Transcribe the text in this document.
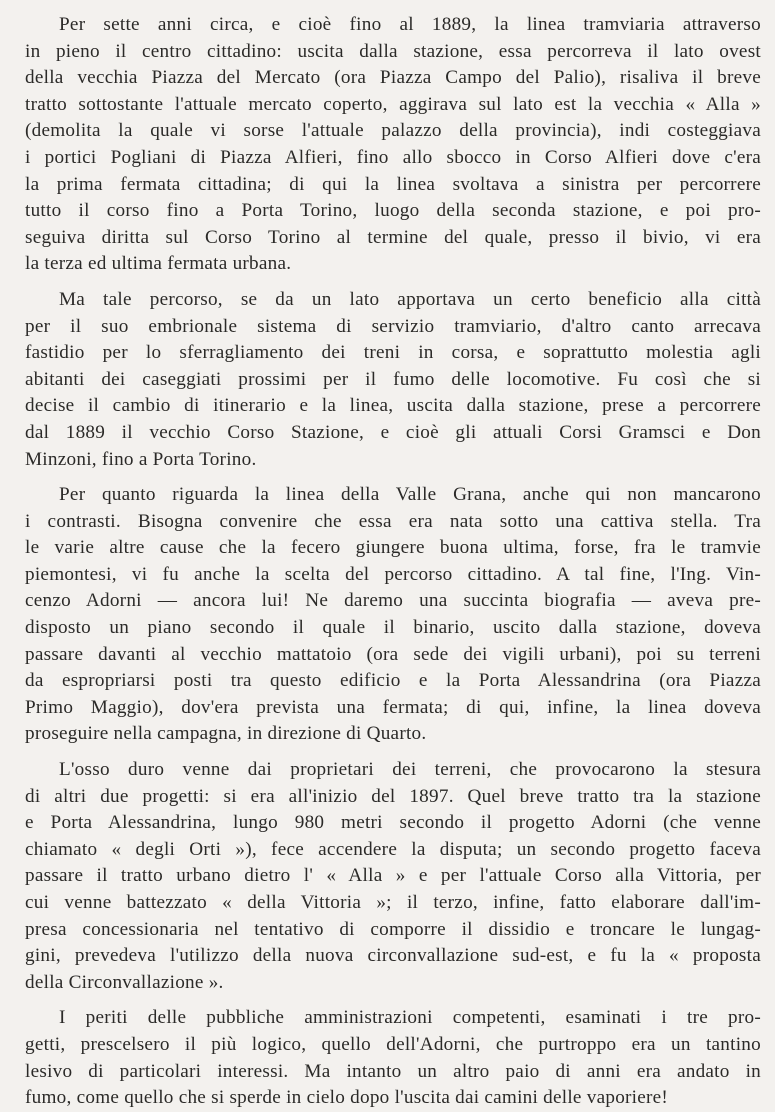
Per sette anni circa, e cioè fino al 1889, la linea tramviaria attraverso
in pieno il centro cittadino: uscita dalla stazione, essa percorreva il lato ovest
della vecchia Piazza del Mercato (ora Piazza Campo del Palio), risaliva il breve
tratto sottostante l'attuale mercato coperto, aggirava sul lato est la vecchia « Alla »
(demolita la quale vi sorse l'attuale palazzo della provincia), indi costeggiava
i portici Pogliani di Piazza Alfieri, fino allo sbocco in Corso Alfieri dove c'era
la prima fermata cittadina; di qui la linea svoltava a sinistra per percorrere
tutto il corso fino a Porta Torino, luogo della seconda stazione, e poi pro-
seguiva diritta sul Corso Torino al termine del quale, presso il bivio, vi era
la terza ed ultima fermata urbana.
Ma tale percorso, se da un lato apportava un certo beneficio alla città
per il suo embrionale sistema di servizio tramviario, d'altro canto arrecava
fastidio per lo sferragliamento dei treni in corsa, e soprattutto molestia agli
abitanti dei caseggiati prossimi per il fumo delle locomotive. Fu così che si
decise il cambio di itinerario e la linea, uscita dalla stazione, prese a percorrere
dal 1889 il vecchio Corso Stazione, e cioè gli attuali Corsi Gramsci e Don
Minzoni, fino a Porta Torino.
Per quanto riguarda la linea della Valle Grana, anche qui non mancarono
i contrasti. Bisogna convenire che essa era nata sotto una cattiva stella. Tra
le varie altre cause che la fecero giungere buona ultima, forse, fra le tramvie
piemontesi, vi fu anche la scelta del percorso cittadino. A tal fine, l'Ing. Vin-
cenzo Adorni — ancora lui! Ne daremo una succinta biografia — aveva pre-
disposto un piano secondo il quale il binario, uscito dalla stazione, doveva
passare davanti al vecchio mattatoio (ora sede dei vigili urbani), poi su terreni
da espropriarsi posti tra questo edificio e la Porta Alessandrina (ora Piazza
Primo Maggio), dov'era prevista una fermata; di qui, infine, la linea doveva
proseguire nella campagna, in direzione di Quarto.
L'osso duro venne dai proprietari dei terreni, che provocarono la stesura
di altri due progetti: si era all'inizio del 1897. Quel breve tratto tra la stazione
e Porta Alessandrina, lungo 980 metri secondo il progetto Adorni (che venne
chiamato « degli Orti »), fece accendere la disputa; un secondo progetto faceva
passare il tratto urbano dietro l' « Alla » e per l'attuale Corso alla Vittoria, per
cui venne battezzato « della Vittoria »; il terzo, infine, fatto elaborare dall'im-
presa concessionaria nel tentativo di comporre il dissidio e troncare le lungag-
gini, prevedeva l'utilizzo della nuova circonvallazione sud-est, e fu la « proposta
della Circonvallazione ».
I periti delle pubbliche amministrazioni competenti, esaminati i tre pro-
getti, prescelsero il più logico, quello dell'Adorni, che purtroppo era un tantino
lesivo di particolari interessi. Ma intanto un altro paio di anni era andato in
fumo, come quello che si sperde in cielo dopo l'uscita dai camini delle vaporiere!
